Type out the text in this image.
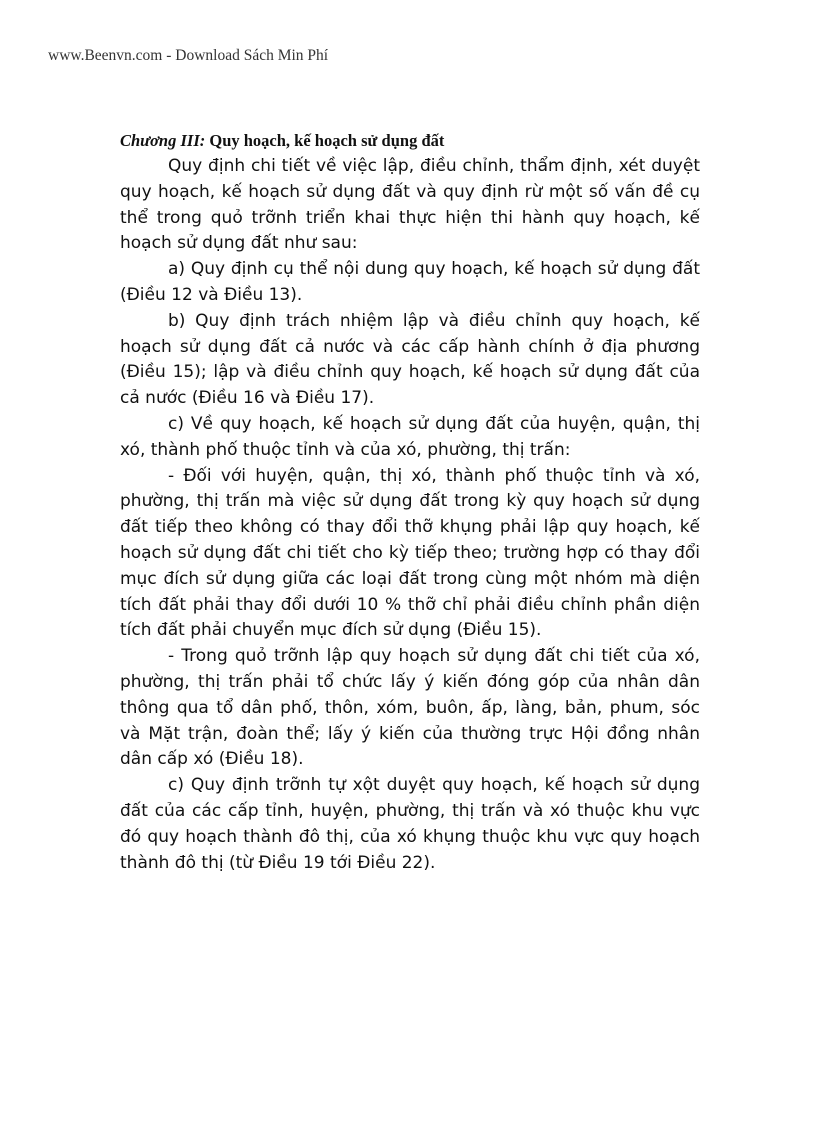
www.Beenvn.com - Download Sách Min Phí

Chương III: Quy hoạch, kế hoạch sử dụng đất

Quy định chi tiết về việc lập, điều chỉnh, thẩm định, xét duyệt quy hoạch, kế hoạch sử dụng đất và quy định rừ một số vấn đề cụ thể trong quỏ trỡnh triển khai thực hiện thi hành quy hoạch, kế hoạch sử dụng đất như sau:

a) Quy định cụ thể nội dung quy hoạch, kế hoạch sử dụng đất (Điều 12 và Điều 13).

b) Quy định trách nhiệm lập và điều chỉnh quy hoạch, kế hoạch sử dụng đất cả nước và các cấp hành chính ở địa phương (Điều 15); lập và điều chỉnh quy hoạch, kế hoạch sử dụng đất của cả nước (Điều 16 và Điều 17).

c) Về quy hoạch, kế hoạch sử dụng đất của huyện, quận, thị xó, thành phố thuộc tỉnh và của xó, phường, thị trấn:

- Đối với huyện, quận, thị xó, thành phố thuộc tỉnh và xó, phường, thị trấn mà việc sử dụng đất trong kỳ quy hoạch sử dụng đất tiếp theo không có thay đổi thỡ khụng phải lập quy hoạch, kế hoạch sử dụng đất chi tiết cho kỳ tiếp theo; trường hợp có thay đổi mục đích sử dụng giữa các loại đất trong cùng một nhóm mà diện tích đất phải thay đổi dưới 10 % thỡ chỉ phải điều chỉnh phần diện tích đất phải chuyển mục đích sử dụng (Điều 15).

- Trong quỏ trỡnh lập quy hoạch sử dụng đất chi tiết của xó, phường, thị trấn phải tổ chức lấy ý kiến đóng góp của nhân dân thông qua tổ dân phố, thôn, xóm, buôn, ấp, làng, bản, phum, sóc và Mặt trận, đoàn thể; lấy ý kiến của thường trực Hội đồng nhân dân cấp xó (Điều 18).

c) Quy định trỡnh tự xột duyệt quy hoạch, kế hoạch sử dụng đất của các cấp tỉnh, huyện, phường, thị trấn và xó thuộc khu vực đó quy hoạch thành đô thị, của xó khụng thuộc khu vực quy hoạch thành đô thị (từ Điều 19 tới Điều 22).
